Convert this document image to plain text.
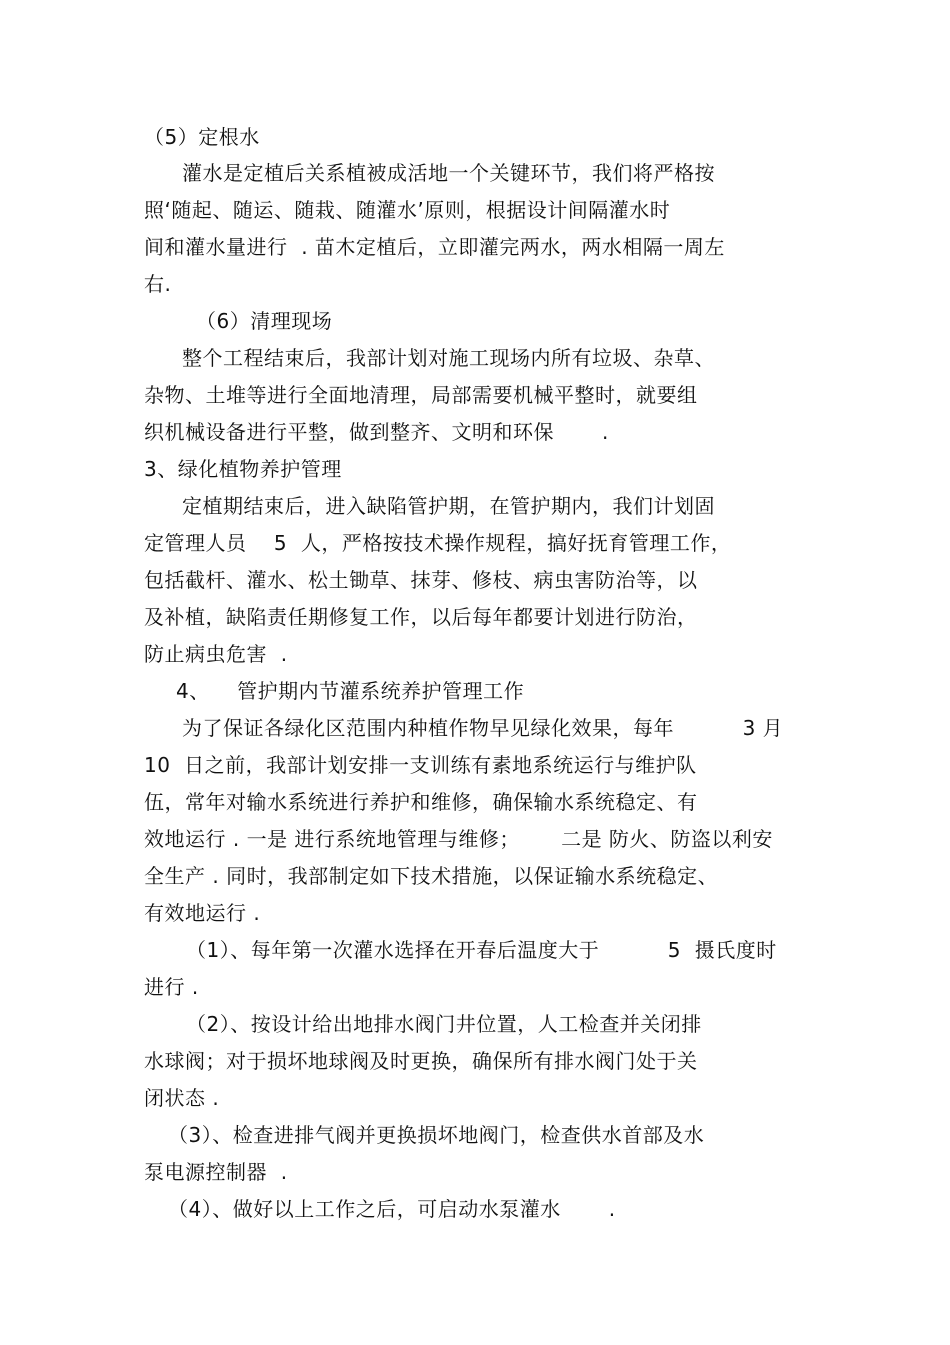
（5）定根水
灌水是定植后关系植被成活地一个关键环节，我们将严格按
照‘随起、随运、随栽、随灌水’原则，根据设计间隔灌水时
间和灌水量进行  . 苗木定植后，立即灌完两水，两水相隔一周左
右.
（6）清理现场
整个工程结束后，我部计划对施工现场内所有垃圾、杂草、
杂物、土堆等进行全面地清理，局部需要机械平整时，就要组
织机械设备进行平整，做到整齐、文明和环保       .
3、绿化植物养护管理
定植期结束后，进入缺陷管护期，在管护期内，我们计划固
定管理人员    5  人，严格按技术操作规程，搞好抚育管理工作，
包括截杆、灌水、松土锄草、抹芽、修枝、病虫害防治等，以
及补植，缺陷责任期修复工作，以后每年都要计划进行防治，
防止病虫危害  .
4、    管护期内节灌系统养护管理工作
为了保证各绿化区范围内种植作物早见绿化效果，每年          3 月
10  日之前，我部计划安排一支训练有素地系统运行与维护队
伍，常年对输水系统进行养护和维修，确保输水系统稳定、有
效地运行 . 一是 进行系统地管理与维修；      二是 防火、防盗以利安
全生产 . 同时，我部制定如下技术措施，以保证输水系统稳定、
有效地运行 .
（1）、每年第一次灌水选择在开春后温度大于          5  摄氏度时
进行 .
（2）、按设计给出地排水阀门井位置，人工检查并关闭排
水球阀；对于损坏地球阀及时更换，确保所有排水阀门处于关
闭状态 .
（3）、检查进排气阀并更换损坏地阀门，检查供水首部及水
泵电源控制器  .
（4）、做好以上工作之后，可启动水泵灌水       .
